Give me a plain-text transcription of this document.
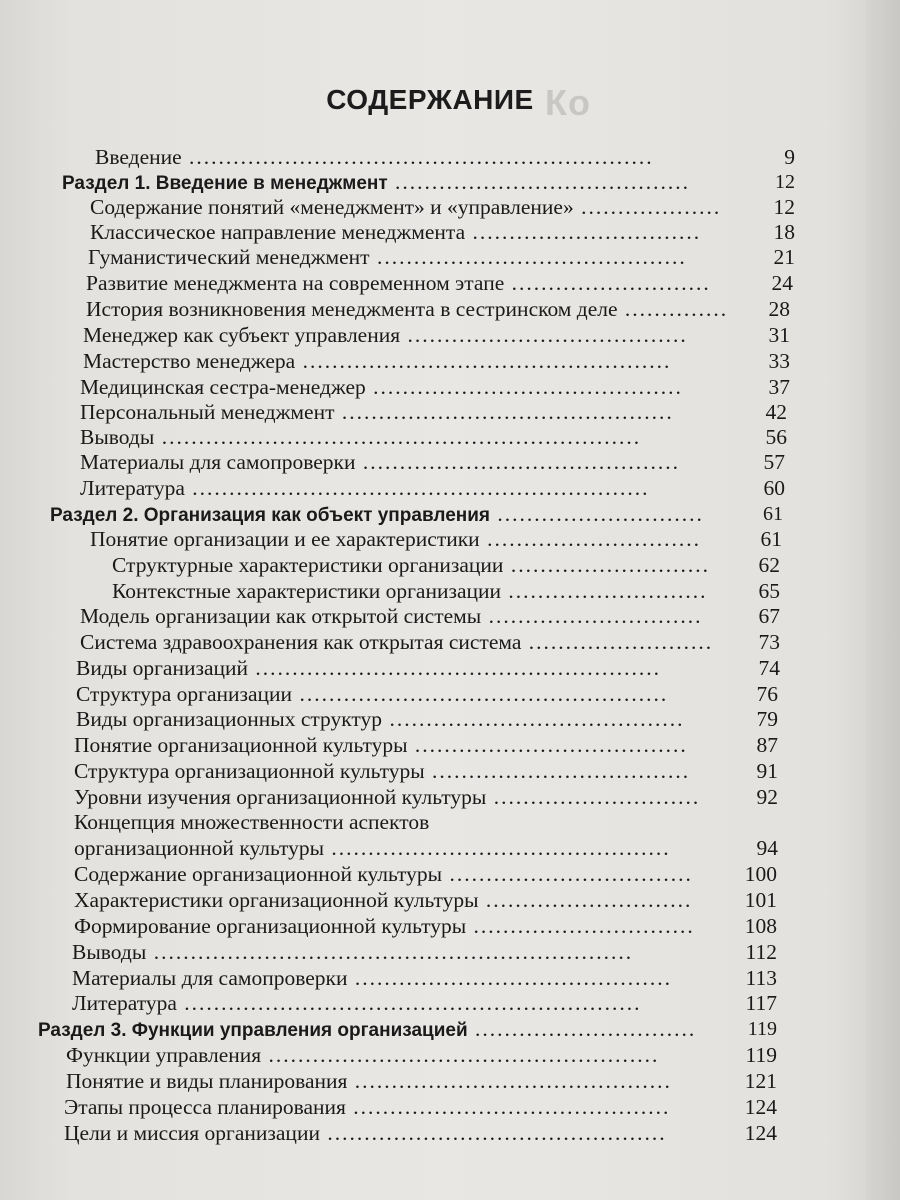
Ко
СОДЕРЖАНИЕ
Введение ...............................................................	9
Раздел 1. Введение в менеджмент ........................................	12
Содержание понятий «менеджмент» и «управление» ................... 12
Классическое направление менеджмента ...............................	18
Гуманистический менеджмент ..........................................	21
Развитие менеджмента на современном этапе ...........................	24
История возникновения менеджмента в сестринском деле .............. 28
Менеджер как субъект управления ......................................	31
Мастерство менеджера ..................................................	33
Медицинская сестра-менеджер ..........................................	37
Персональный менеджмент .............................................	42
Выводы .................................................................	56
Материалы для самопроверки ...........................................	57
Литература ..............................................................	60
Раздел 2. Организация как объект управления ............................	61
Понятие организации и ее характеристики .............................	61
Структурные характеристики организации ........................... 62
Контекстные характеристики организации ........................... 65
Модель организации как открытой системы .............................	67
Система здравоохранения как открытая система ......................... 73
Виды организаций .......................................................	74
Структура организации ..................................................	76
Виды организационных структур ........................................	79
Понятие организационной культуры .....................................	87
Структура организационной культуры ...................................	91
Уровни изучения организационной культуры ............................	92
Концепция множественности аспектов
организационной культуры ..............................................	94
Содержание организационной культуры ................................. 100
Характеристики организационной культуры ............................ 101
Формирование организационной культуры .............................. 108
Выводы .................................................................	112
Материалы для самопроверки ...........................................	113
Литература ..............................................................	117
Раздел 3. Функции управления организацией ..............................	119
Функции управления .....................................................	119
Понятие и виды планирования ...........................................	121
Этапы процесса планирования ...........................................	124
Цели и миссия организации ..............................................	124
